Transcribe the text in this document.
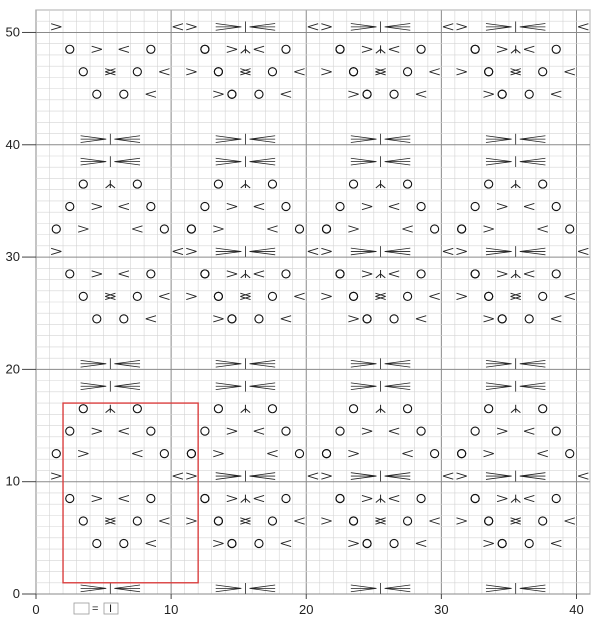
0	10	20	30	40
0
10
20
30
40
50
= I
